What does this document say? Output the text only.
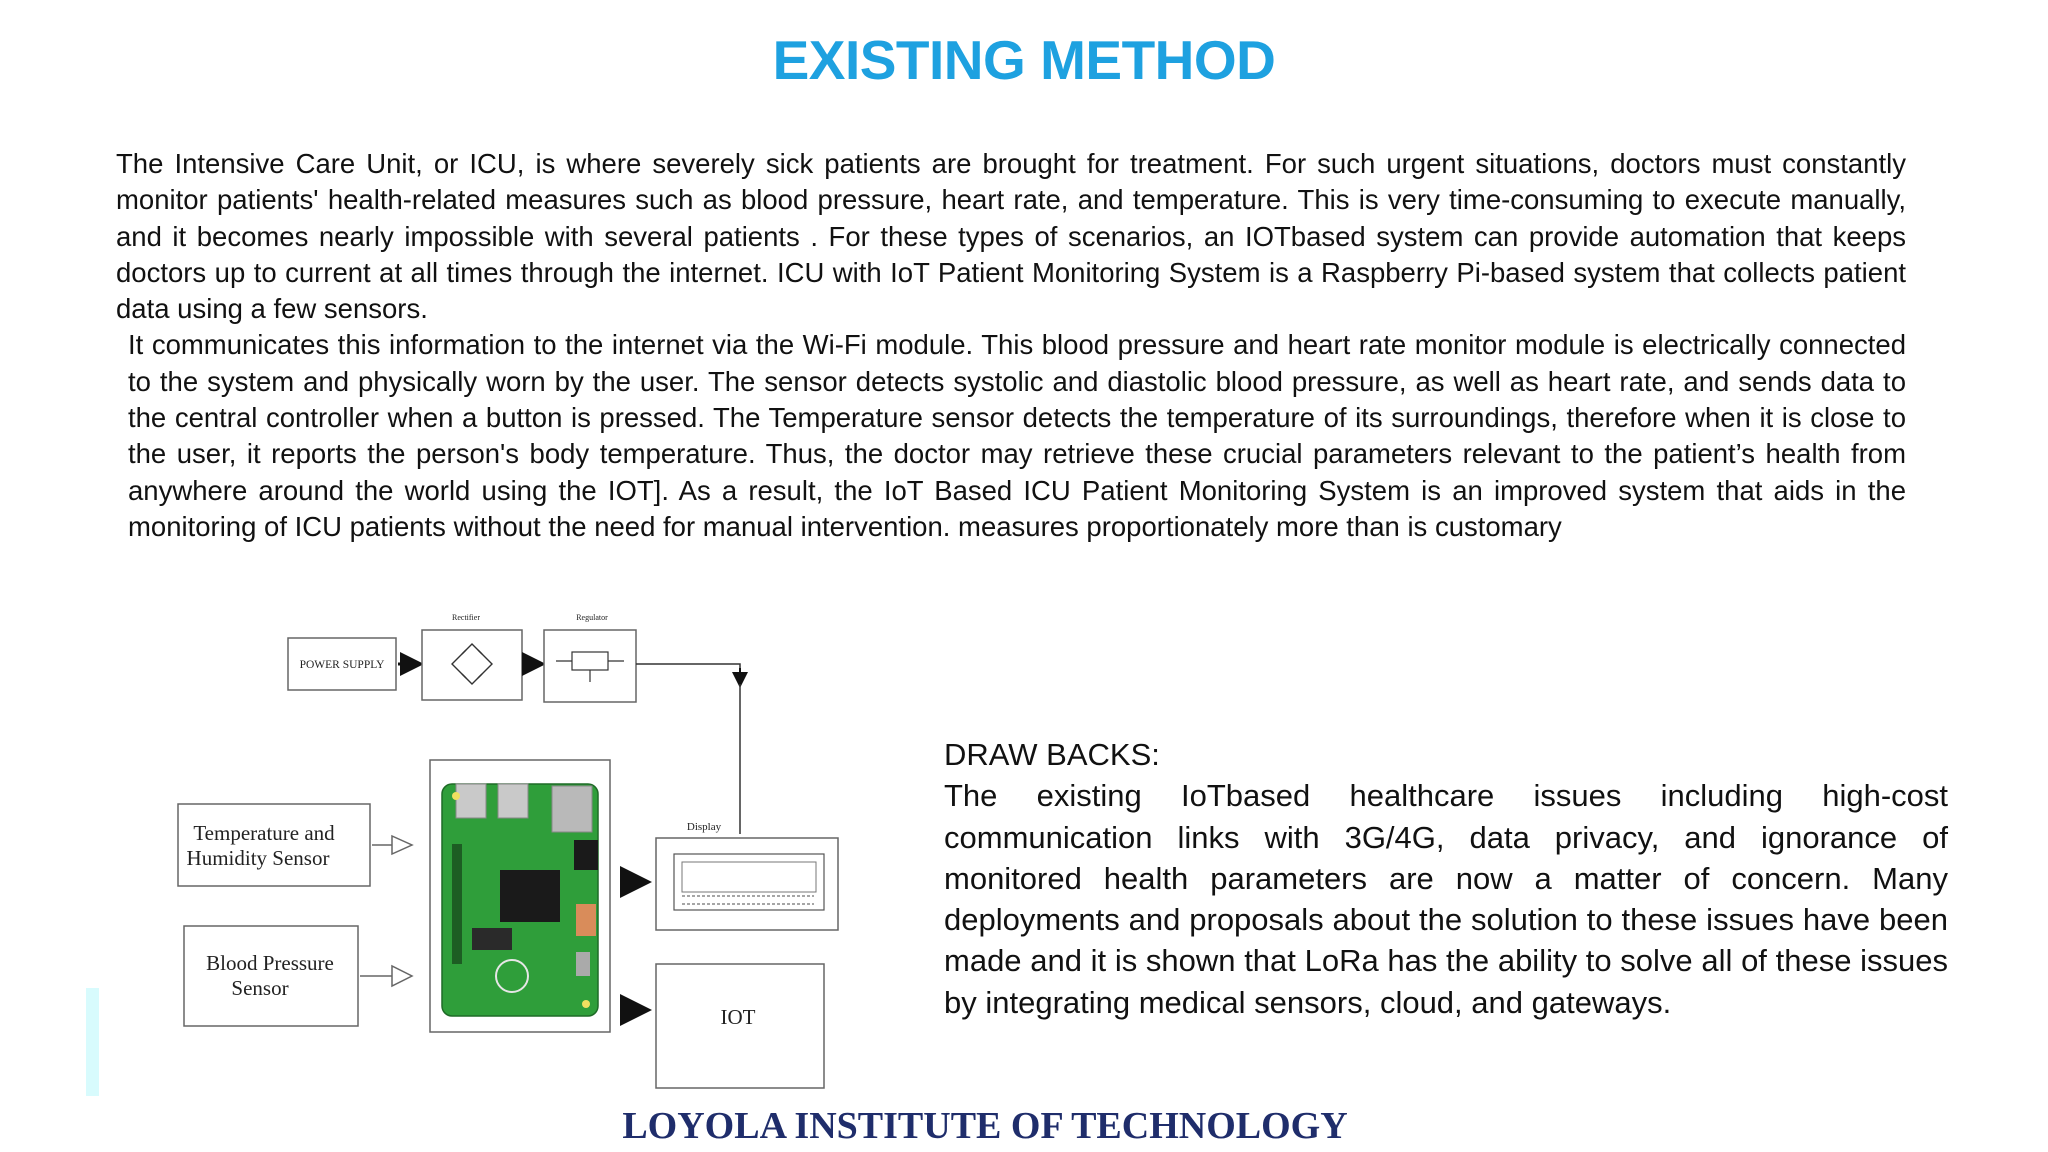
EXISTING METHOD

The Intensive Care Unit, or ICU, is where severely sick patients are brought for treatment. For such urgent situations, doctors must constantly monitor patients' health-related measures such as blood pressure, heart rate, and temperature. This is very time-consuming to execute manually, and it becomes nearly impossible with several patients . For these types of scenarios, an IOTbased system can provide automation that keeps doctors up to current at all times through the internet. ICU with IoT Patient Monitoring System is a Raspberry Pi-based system that collects patient data using a few sensors.

It communicates this information to the internet via the Wi-Fi module. This blood pressure and heart rate monitor module is electrically connected to the system and physically worn by the user. The sensor detects systolic and diastolic blood pressure, as well as heart rate, and sends data to the central controller when a button is pressed. The Temperature sensor detects the temperature of its surroundings, therefore when it is close to the user, it reports the person's body temperature. Thus, the doctor may retrieve these crucial parameters relevant to the patient’s health from anywhere around the world using the IOT]. As a result, the IoT Based ICU Patient Monitoring System is an improved system that aids in the monitoring of ICU patients without the need for manual intervention. measures proportionately more than is customary

POWER SUPPLY
Rectifier	Regulator
Temperature and
Humidity Sensor
Blood Pressure
Sensor
Display
IOT

DRAW BACKS:

The existing IoTbased healthcare issues including high-cost communication links with 3G/4G, data privacy, and ignorance of monitored health parameters are now a matter of concern. Many deployments and proposals about the solution to these issues have been made and it is shown that LoRa has the ability to solve all of these issues by integrating medical sensors, cloud, and gateways.

LOYOLA INSTITUTE OF TECHNOLOGY
